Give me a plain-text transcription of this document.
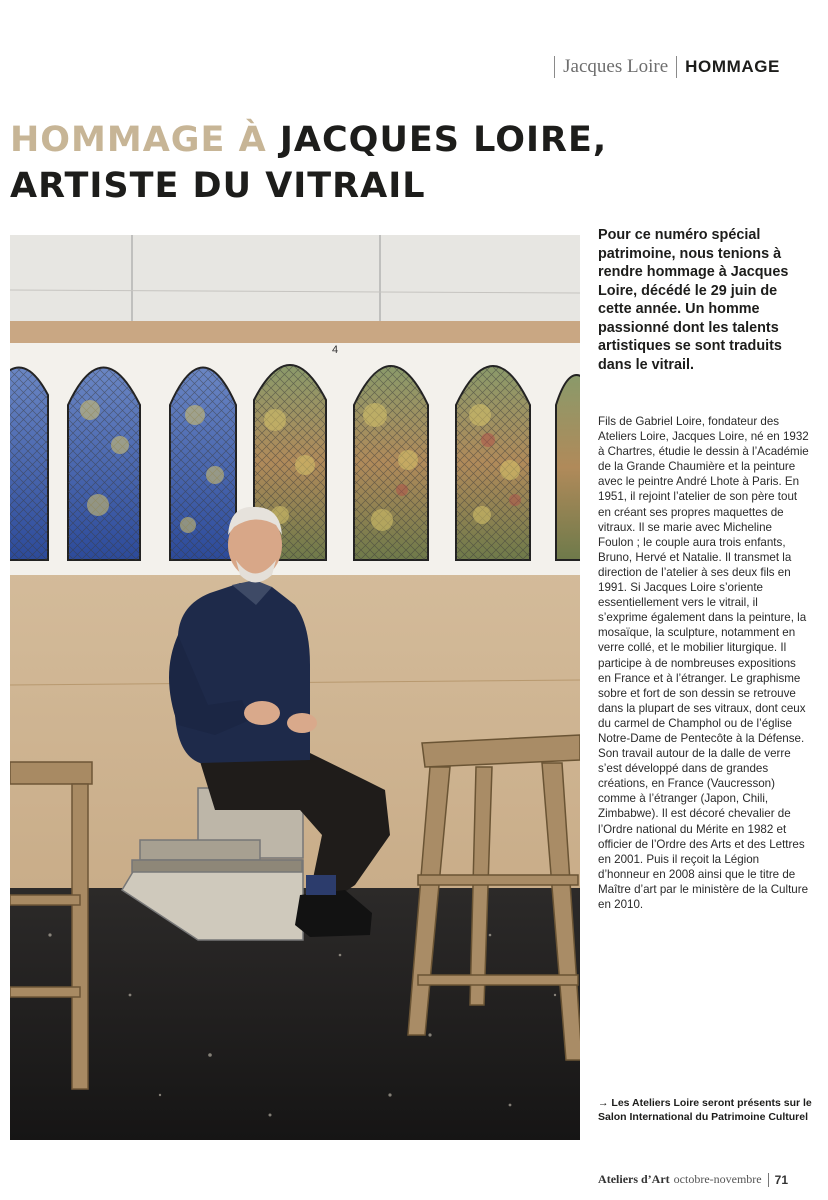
Jacques Loire HOMMAGE
HOMMAGE À JACQUES LOIRE,
ARTISTE DU VITRAIL
4

Pour ce numéro spécial patrimoine, nous tenions à rendre hommage à Jacques Loire, décédé le 29 juin de cette année. Un homme passionné dont les talents artistiques se sont traduits dans le vitrail.

Fils de Gabriel Loire, fondateur des Ateliers Loire, Jacques Loire, né en 1932 à Chartres, étudie le dessin à l’Académie de la Grande Chaumière et la peinture avec le peintre André Lhote à Paris. En 1951, il rejoint l’atelier de son père tout en créant ses propres maquettes de vitraux. Il se marie avec Micheline Foulon ; le couple aura trois enfants, Bruno, Hervé et Natalie. Il transmet la direction de l’atelier à ses deux fils en 1991. Si Jacques Loire s’oriente essentiellement vers le vitrail, il s’exprime également dans la peinture, la mosaïque, la sculpture, notamment en verre collé, et le mobilier liturgique. Il participe à de nombreuses expositions en France et à l’étranger. Le graphisme sobre et fort de son dessin se retrouve dans la plupart de ses vitraux, dont ceux du carmel de Champhol ou de l’église Notre-Dame de Pentecôte à la Défense. Son travail autour de la dalle de verre s’est développé dans de grandes créations, en France (Vaucresson) comme à l’étranger (Japon, Chili, Zimbabwe). Il est décoré chevalier de l’Ordre national du Mérite en 1982 et officier de l’Ordre des Arts et des Lettres en 2001. Puis il reçoit la Légion d’honneur en 2008 ainsi que le titre de Maître d’art par le ministère de la Culture en 2010.

→ Les Ateliers Loire seront présents sur le Salon International du Patrimoine Culturel

Ateliers d’Art octobre-novembre 71
